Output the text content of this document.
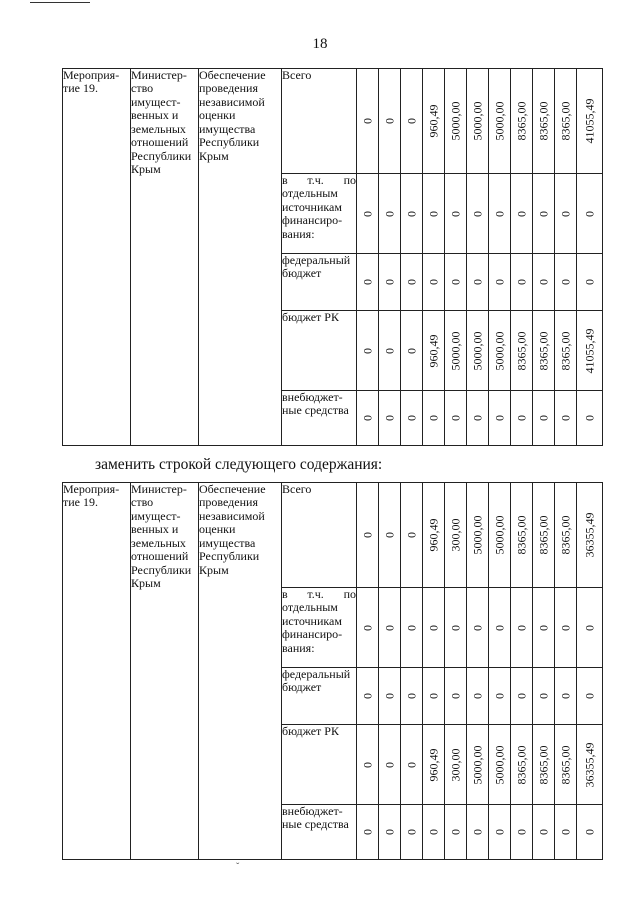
18
Мероприя-тие 19.	Министер-ство имущест-венных и земельных отношений Республики Крым	Обеспечение проведения независимой оценки имущества Республики Крым	Всего	0	0	0	960,49	5000,00	5000,00	5000,00	8365,00	8365,00	8365,00	41055,49

			в т.ч. по отдельным источникам финансиро-вания:	0	0	0	0	0	0	0	0	0	0	0

			федеральный бюджет	0	0	0	0	0	0	0	0	0	0	0

			бюджет РК	0	0	0	960,49	5000,00	5000,00	5000,00	8365,00	8365,00	8365,00	41055,49

			внебюджет-ные средства	0	0	0	0	0	0	0	0	0	0	0
заменить строкой следующего содержания:
Мероприя-тие 19.	Министер-ство имущест-венных и земельных отношений Республики Крым	Обеспечение проведения независимой оценки имущества Республики Крым	Всего	0	0	0	960,49	300,00	5000,00	5000,00	8365,00	8365,00	8365,00	36355,49

			в т.ч. по отдельным источникам финансиро-вания:	0	0	0	0	0	0	0	0	0	0	0

			федеральный бюджет	0	0	0	0	0	0	0	0	0	0	0

			бюджет РК	0	0	0	960,49	300,00	5000,00	5000,00	8365,00	8365,00	8365,00	36355,49

			внебюджет-ные средства	0	0	0	0	0	0	0	0	0	0	0
ˇ
